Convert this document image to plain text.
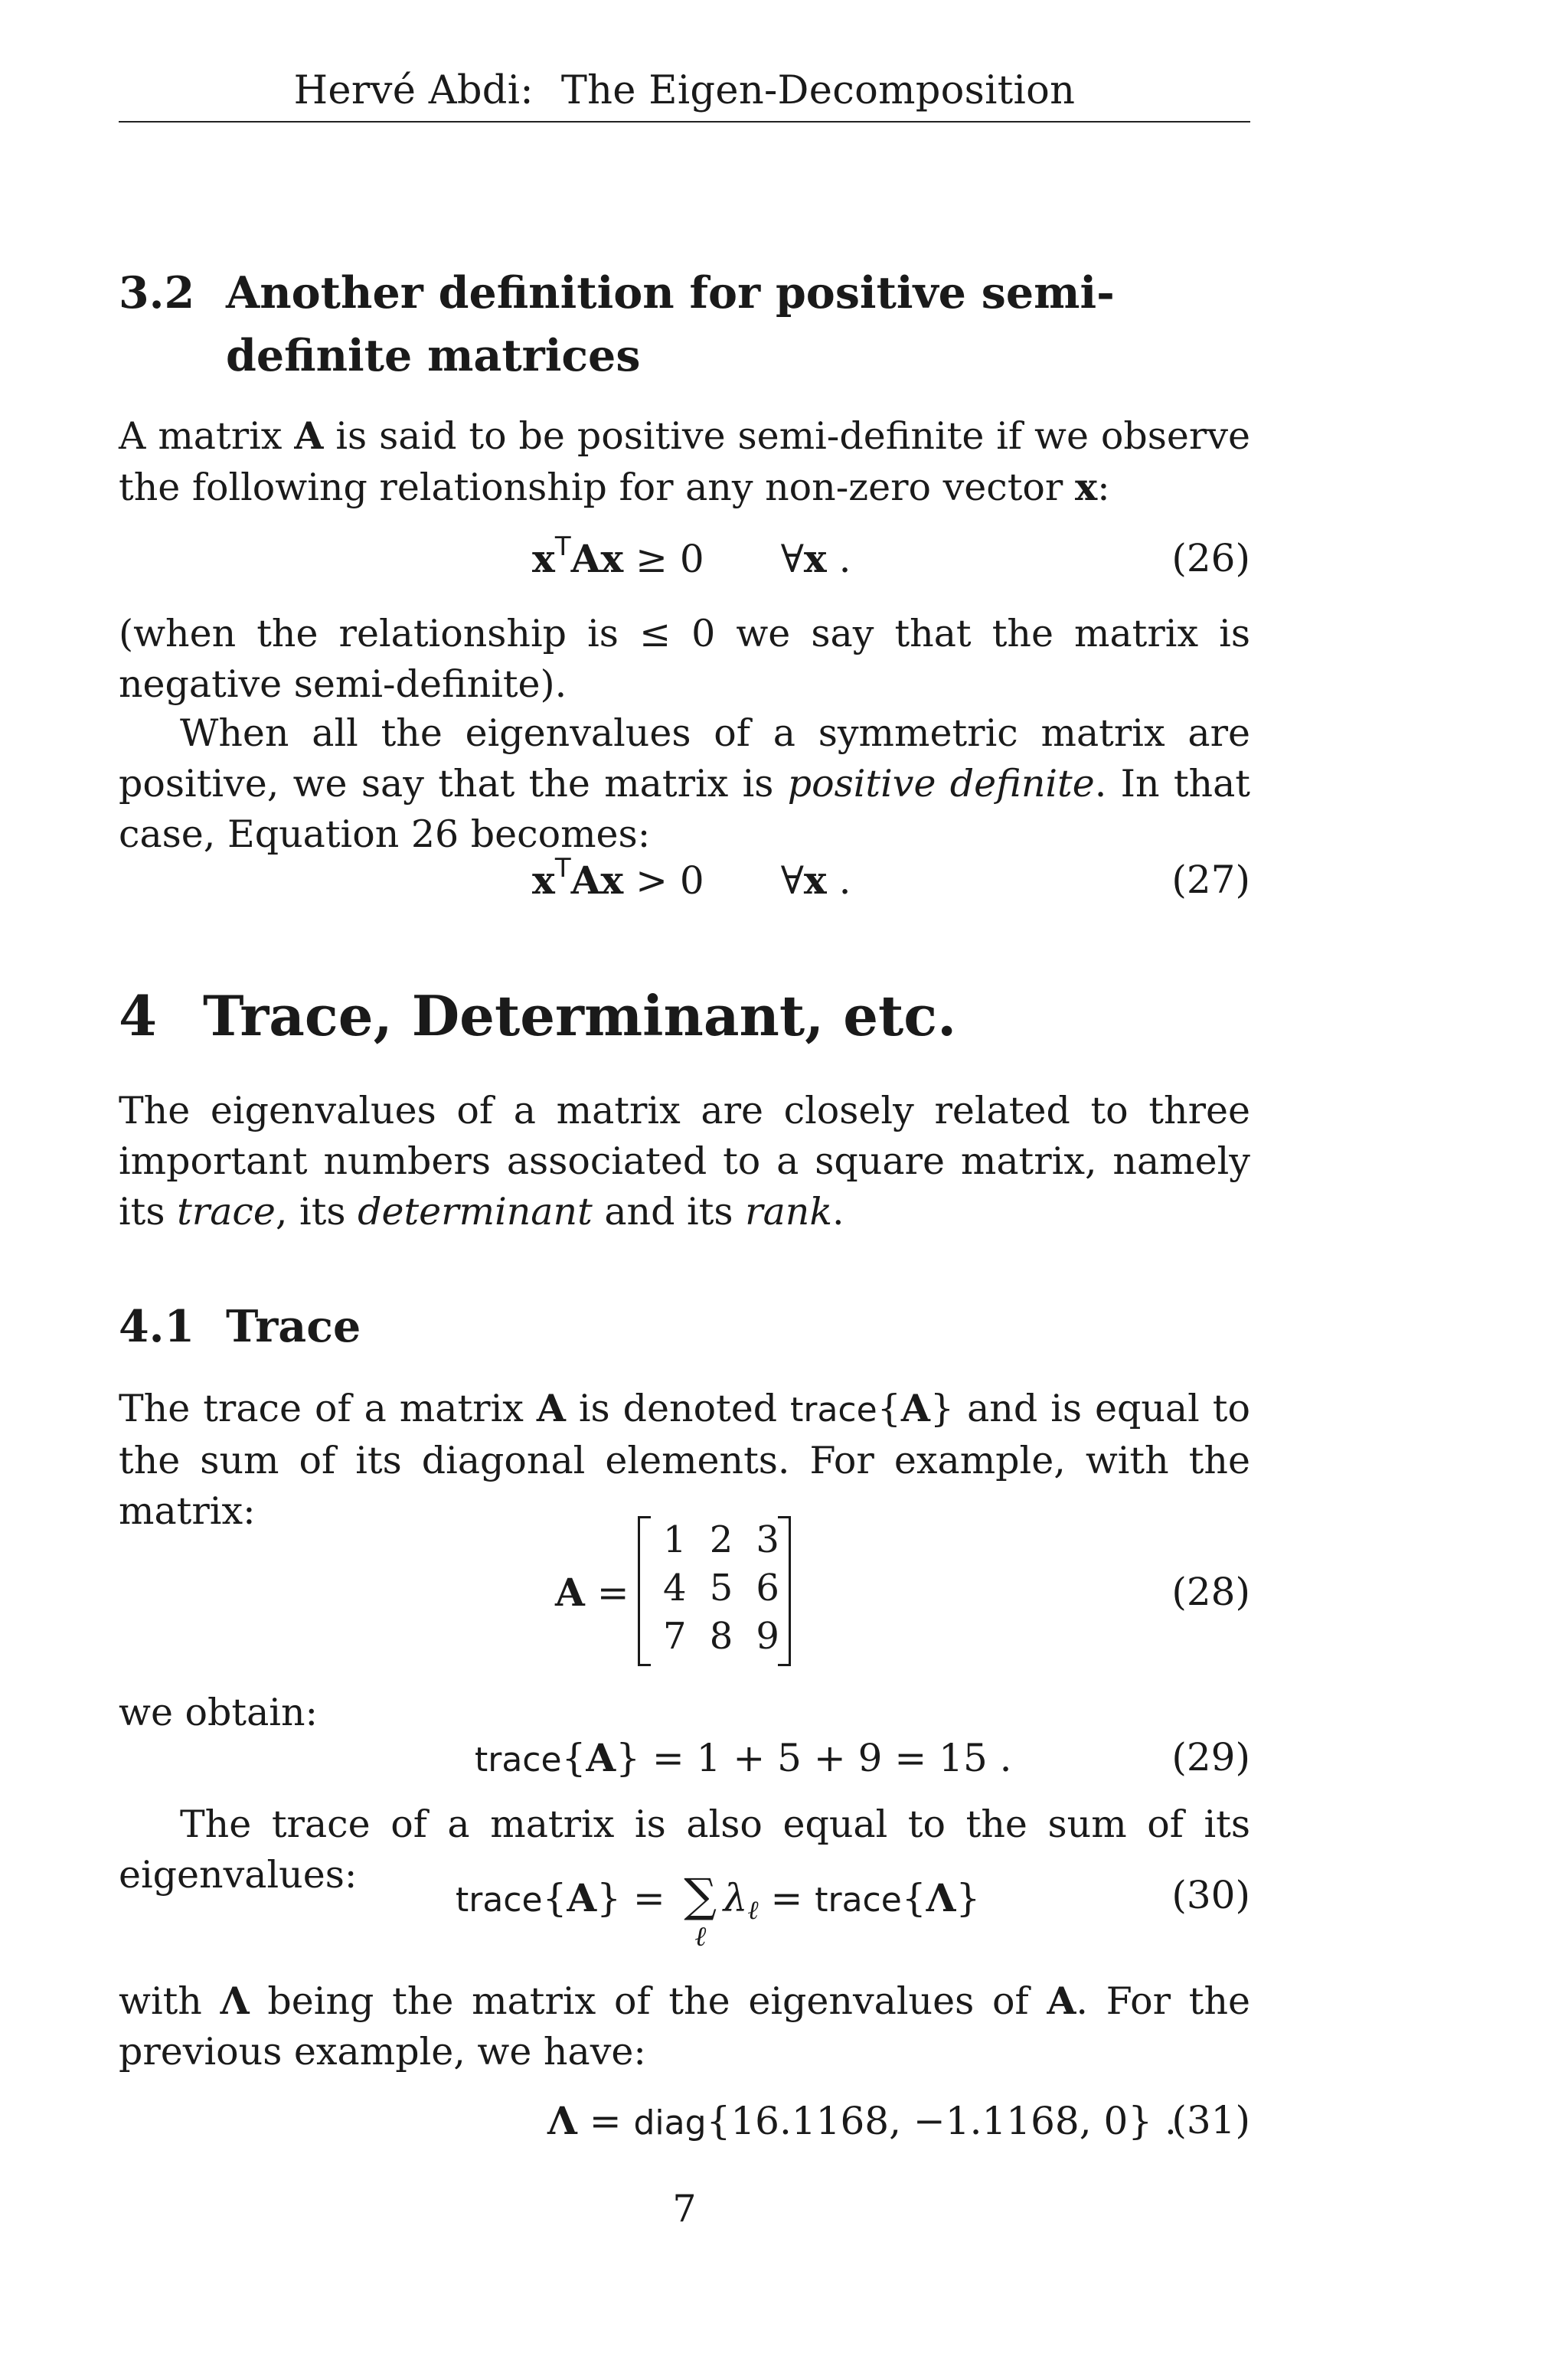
Hervé Abdi: The Eigen-Decomposition
3.2 Another definition for positive semi-definite matrices
A matrix A is said to be positive semi-definite if we observe the following relationship for any non-zero vector x:
$x^TAx \ge 0$ ∀x .	(26)
(when the relationship is ≤ 0 we say that the matrix is negative semi-definite).
When all the eigenvalues of a symmetric matrix are positive, we say that the matrix is positive definite. In that case, Equation 26 becomes:
$x^TAx > 0$ ∀x .	(27)
4 Trace, Determinant, etc.
The eigenvalues of a matrix are closely related to three important numbers associated to a square matrix, namely its trace, its determinant and its rank.
4.1 Trace
The trace of a matrix A is denoted trace{A} and is equal to the sum of its diagonal elements. For example, with the matrix:
A =	(28)
1	2	3
4	5	6
7	8	9
we obtain:
trace{A} = 1 + 5 + 9 = 15 .	(29)
The trace of a matrix is also equal to the sum of its eigenvalues:
trace{A} = ∑
ℓ
$\lambda_\ell$ = trace{Λ}	(30)
with Λ being the matrix of the eigenvalues of A. For the previous example, we have:
Λ = diag{16.1168, −1.1168, 0} .
(31)
7
